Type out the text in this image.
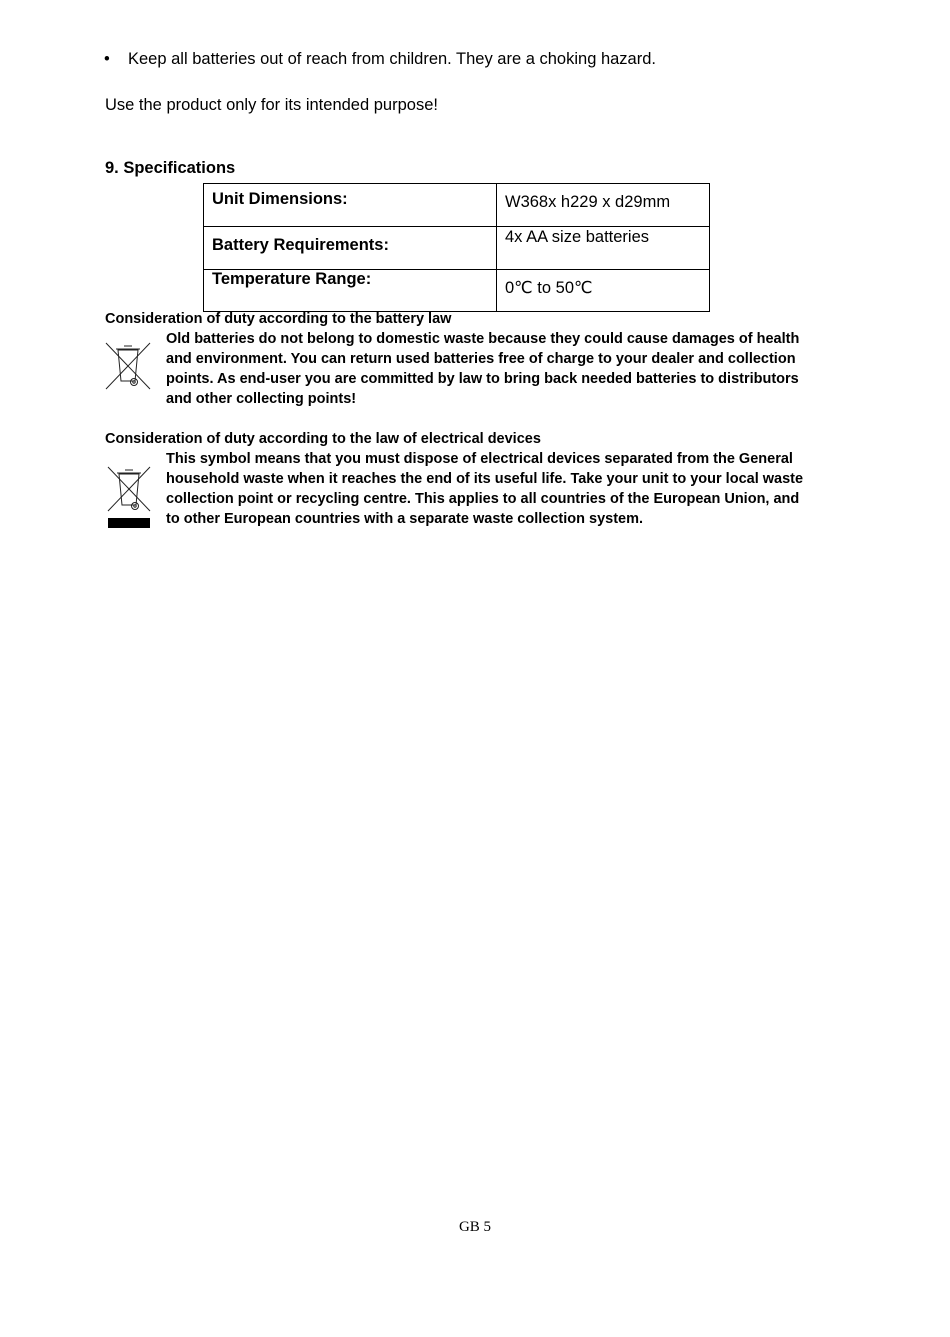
• Keep all batteries out of reach from children. They are a choking hazard.
Use the product only for its intended purpose!
9. Specifications
Unit Dimensions:	W368x h229 x d29mm
Battery Requirements:	4x AA size batteries
Temperature Range:	0℃ to 50℃
Consideration of duty according to the battery law
Old batteries do not belong to domestic waste because they could cause damages of health and environment. You can return used batteries free of charge to your dealer and collection points. As end-user you are committed by law to bring back needed batteries to distributors and other collecting points!
Consideration of duty according to the law of electrical devices
This symbol means that you must dispose of electrical devices separated from the General household waste when it reaches the end of its useful life. Take your unit to your local waste collection point or recycling centre. This applies to all countries of the European Union, and to other European countries with a separate waste collection system.
GB 5
